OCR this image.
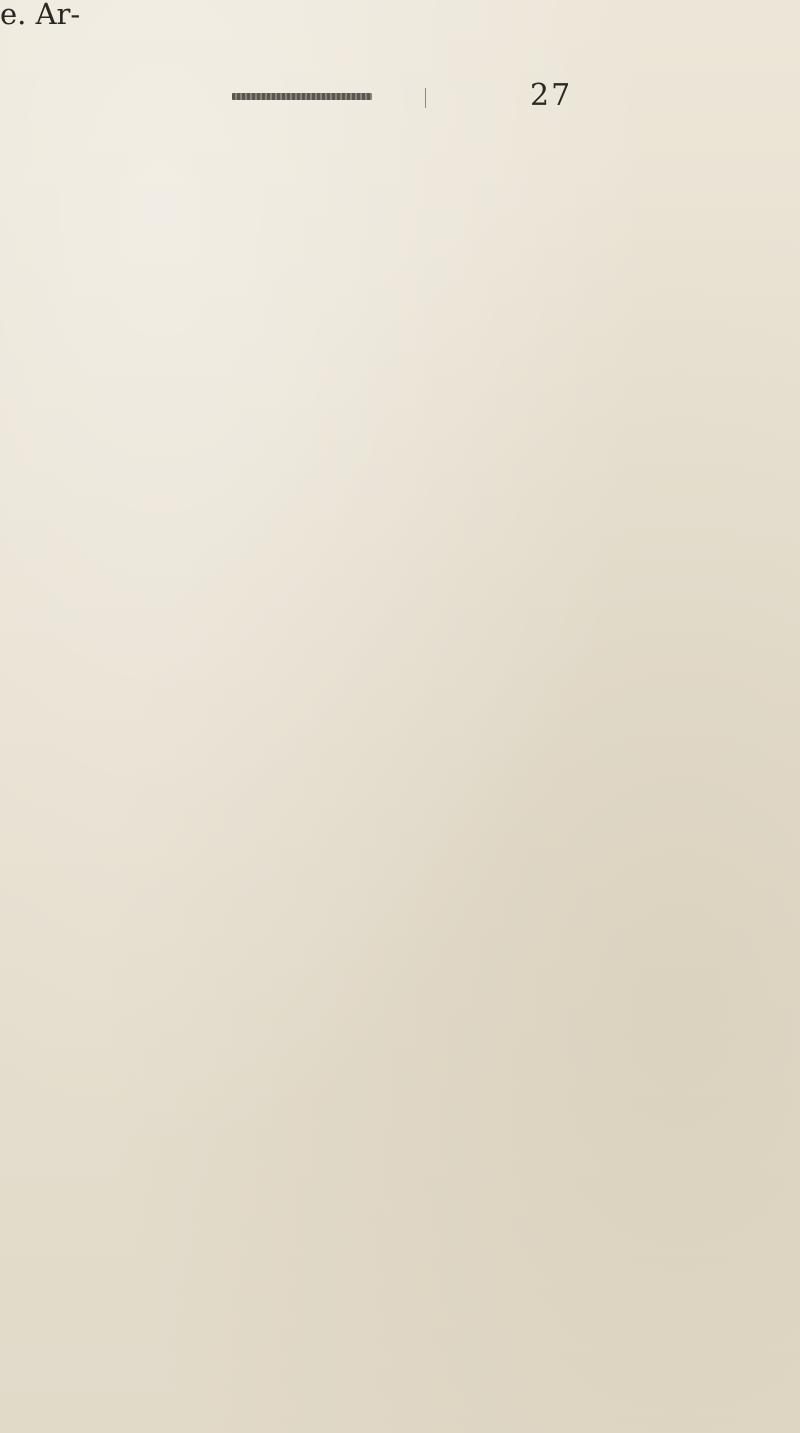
27
e. Ar-
